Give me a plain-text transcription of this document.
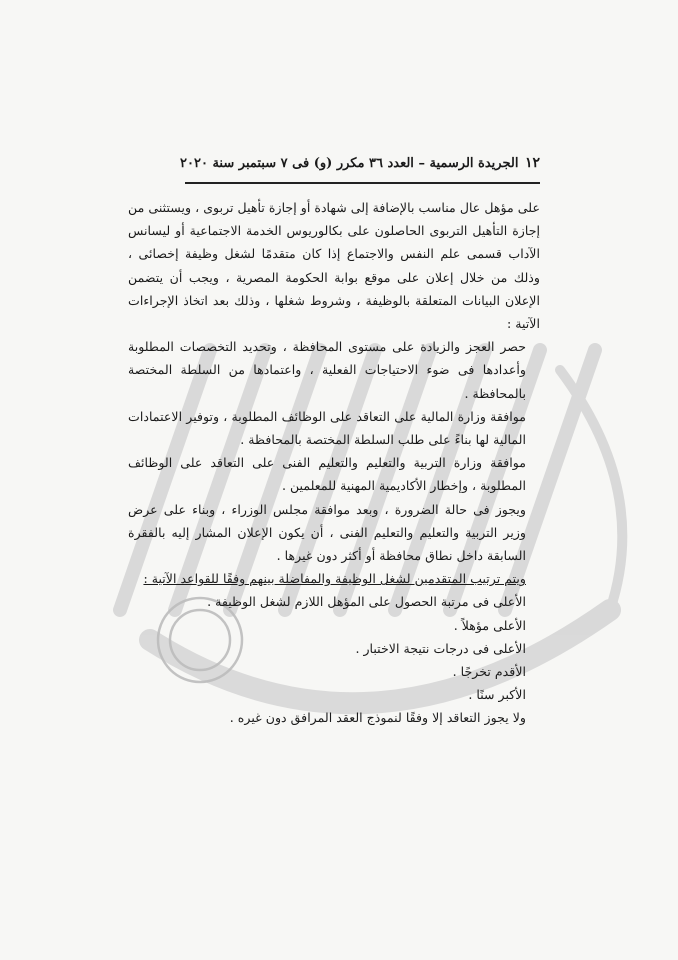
١٢
الجريدة الرسمية – العدد ٣٦ مكرر (و) فى ٧ سبتمبر سنة ٢٠٢٠

على مؤهل عال مناسب بالإضافة إلى شهادة أو إجازة تأهيل تربوى ، ويستثنى من إجازة التأهيل التربوى الحاصلون على بكالوريوس الخدمة الاجتماعية أو ليسانس الآداب قسمى علم النفس والاجتماع إذا كان متقدمًا لشغل وظيفة إخصائى ، وذلك من خلال إعلان على موقع بوابة الحكومة المصرية ، ويجب أن يتضمن الإعلان البيانات المتعلقة بالوظيفة ، وشروط شغلها ، وذلك بعد اتخاذ الإجراءات الآتية :

حصر العجز والزيادة على مستوى المحافظة ، وتحديد التخصصات المطلوبة وأعدادها فى ضوء الاحتياجات الفعلية ، واعتمادها من السلطة المختصة بالمحافظة .

موافقة وزارة المالية على التعاقد على الوظائف المطلوبة ، وتوفير الاعتمادات المالية لها بناءً على طلب السلطة المختصة بالمحافظة .

موافقة وزارة التربية والتعليم والتعليم الفنى على التعاقد على الوظائف المطلوبة ، وإخطار الأكاديمية المهنية للمعلمين .

ويجوز فى حالة الضرورة ، وبعد موافقة مجلس الوزراء ، وبناء على عرض وزير التربية والتعليم والتعليم الفنى ، أن يكون الإعلان المشار إليه بالفقرة السابقة داخل نطاق محافظة أو أكثر دون غيرها .

ويتم ترتيب المتقدمين لشغل الوظيفة والمفاضلة بينهم وفقًا للقواعد الآتية :

الأعلى فى مرتبة الحصول على المؤهل اللازم لشغل الوظيفة .

الأعلى مؤهلاً .

الأعلى فى درجات نتيجة الاختبار .

الأقدم تخرجًا .

الأكبر سنًا .

ولا يجوز التعاقد إلا وفقًا لنموذج العقد المرافق دون غيره .
